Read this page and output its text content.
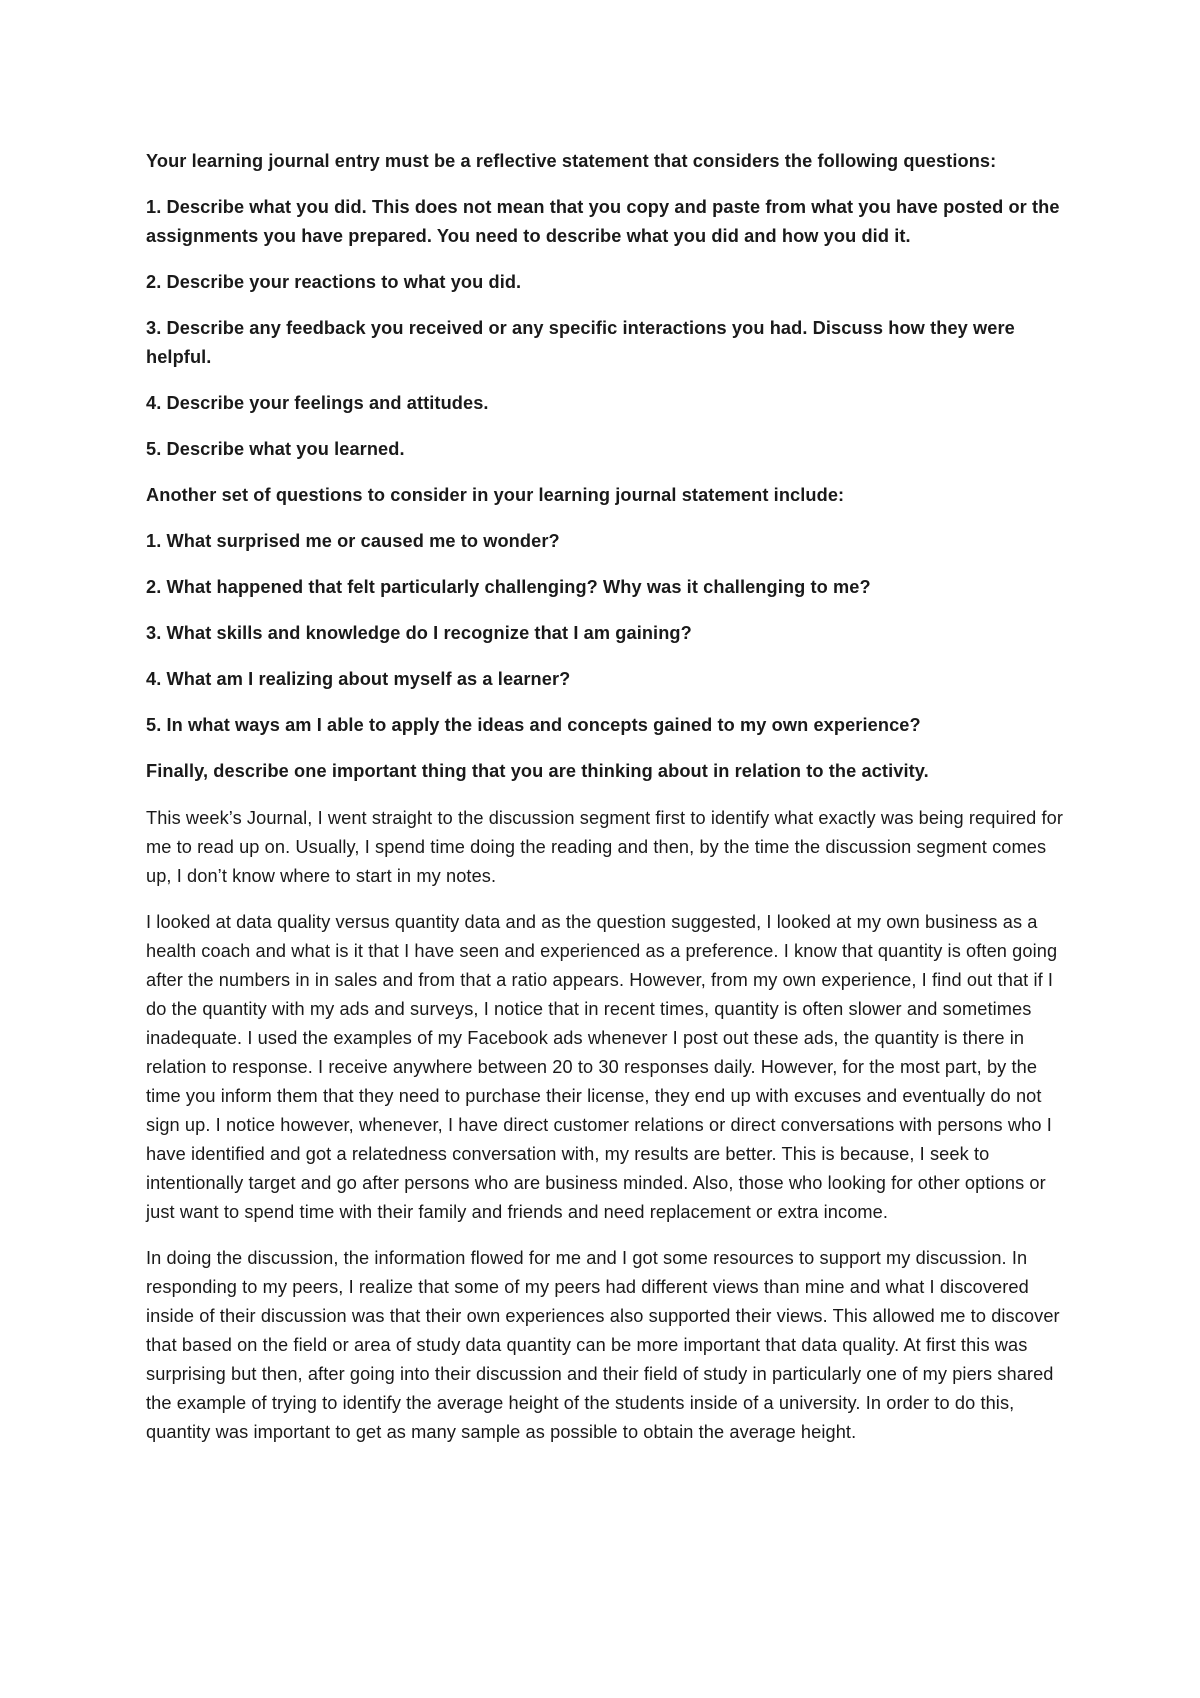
Your learning journal entry must be a reflective statement that considers the following questions:

1. Describe what you did. This does not mean that you copy and paste from what you have posted or the assignments you have prepared. You need to describe what you did and how you did it.

2. Describe your reactions to what you did.

3. Describe any feedback you received or any specific interactions you had. Discuss how they were helpful.

4. Describe your feelings and attitudes.

5. Describe what you learned.

Another set of questions to consider in your learning journal statement include:

1. What surprised me or caused me to wonder?

2. What happened that felt particularly challenging? Why was it challenging to me?

3. What skills and knowledge do I recognize that I am gaining?

4. What am I realizing about myself as a learner?

5. In what ways am I able to apply the ideas and concepts gained to my own experience?

Finally, describe one important thing that you are thinking about in relation to the activity.

This week’s Journal, I went straight to the discussion segment first to identify what exactly was being required for me to read up on. Usually, I spend time doing the reading and then, by the time the discussion segment comes up, I don’t know where to start in my notes.

I looked at data quality versus quantity data and as the question suggested, I looked at my own business as a health coach and what is it that I have seen and experienced as a preference. I know that quantity is often going after the numbers in in sales and from that a ratio appears. However, from my own experience, I find out that if I do the quantity with my ads and surveys, I notice that in recent times, quantity is often slower and sometimes inadequate. I used the examples of my Facebook ads whenever I post out these ads, the quantity is there in relation to response. I receive anywhere between 20 to 30 responses daily. However, for the most part, by the time you inform them that they need to purchase their license, they end up with excuses and eventually do not sign up. I notice however, whenever, I have direct customer relations or direct conversations with persons who I have identified and got a relatedness conversation with, my results are better. This is because, I seek to intentionally target and go after persons who are business minded. Also, those who looking for other options or just want to spend time with their family and friends and need replacement or extra income.

In doing the discussion, the information flowed for me and I got some resources to support my discussion. In responding to my peers, I realize that some of my peers had different views than mine and what I discovered inside of their discussion was that their own experiences also supported their views. This allowed me to discover that based on the field or area of study data quantity can be more important that data quality. At first this was surprising but then, after going into their discussion and their field of study in particularly one of my piers shared the example of trying to identify the average height of the students inside of a university. In order to do this, quantity was important to get as many sample as possible to obtain the average height.
